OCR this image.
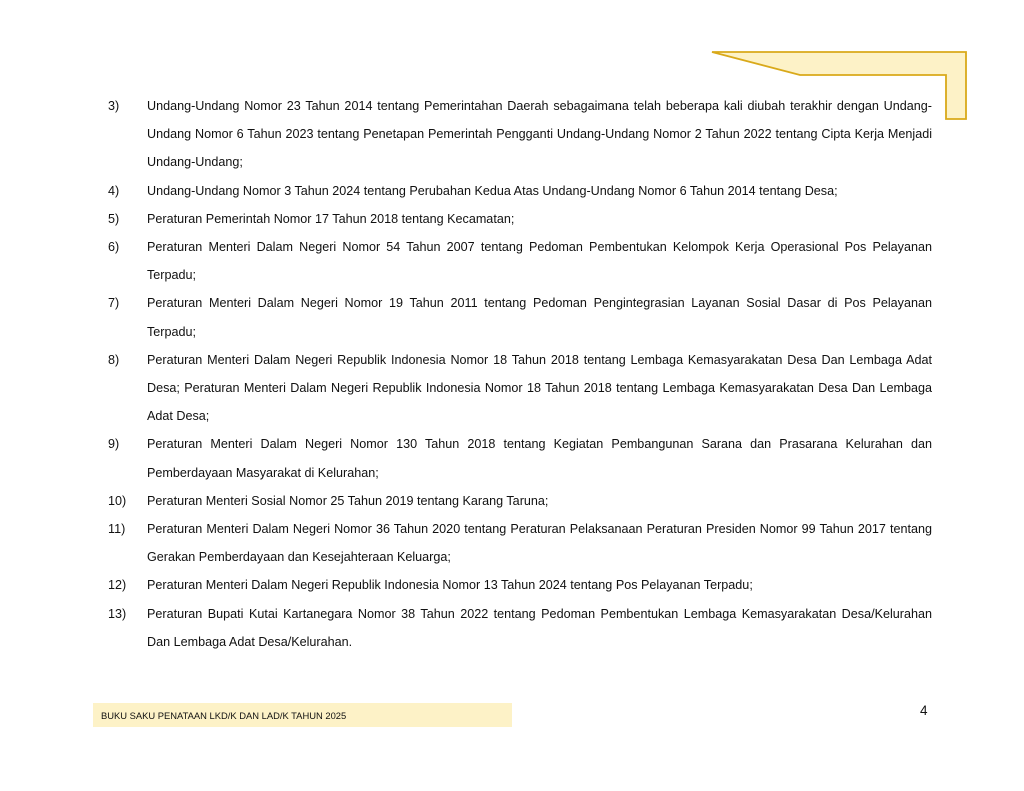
3)	Undang-Undang Nomor 23 Tahun 2014 tentang Pemerintahan Daerah sebagaimana telah beberapa kali diubah terakhir dengan Undang-Undang Nomor 6 Tahun 2023 tentang Penetapan Pemerintah Pengganti Undang-Undang Nomor 2 Tahun 2022 tentang Cipta Kerja Menjadi Undang-Undang;
4)	Undang-Undang Nomor 3 Tahun 2024 tentang Perubahan Kedua Atas Undang-Undang Nomor 6 Tahun 2014 tentang Desa;
5)	Peraturan Pemerintah Nomor 17 Tahun 2018 tentang Kecamatan;
6)	Peraturan Menteri Dalam Negeri Nomor 54 Tahun 2007 tentang Pedoman Pembentukan Kelompok Kerja Operasional Pos Pelayanan Terpadu;
7)	Peraturan Menteri Dalam Negeri Nomor 19 Tahun 2011 tentang Pedoman Pengintegrasian Layanan Sosial Dasar di Pos Pelayanan Terpadu;
8)	Peraturan Menteri Dalam Negeri Republik Indonesia Nomor 18 Tahun 2018 tentang Lembaga Kemasyarakatan Desa Dan Lembaga Adat Desa; Peraturan Menteri Dalam Negeri Republik Indonesia Nomor 18 Tahun 2018 tentang Lembaga Kemasyarakatan Desa Dan Lembaga Adat Desa;
9)	Peraturan Menteri Dalam Negeri Nomor 130 Tahun 2018 tentang Kegiatan Pembangunan Sarana dan Prasarana Kelurahan dan Pemberdayaan Masyarakat di Kelurahan;
10)	Peraturan Menteri Sosial Nomor 25 Tahun 2019 tentang Karang Taruna;
11)	Peraturan Menteri Dalam Negeri Nomor 36 Tahun 2020 tentang Peraturan Pelaksanaan Peraturan Presiden Nomor 99 Tahun 2017 tentang Gerakan Pemberdayaan dan Kesejahteraan Keluarga;
12)	Peraturan Menteri Dalam Negeri Republik Indonesia Nomor 13 Tahun 2024 tentang Pos Pelayanan Terpadu;
13)	Peraturan Bupati Kutai Kartanegara Nomor 38 Tahun 2022 tentang Pedoman Pembentukan Lembaga Kemasyarakatan Desa/Kelurahan Dan Lembaga Adat Desa/Kelurahan.
BUKU SAKU PENATAAN LKD/K DAN LAD/K TAHUN 2025	4
